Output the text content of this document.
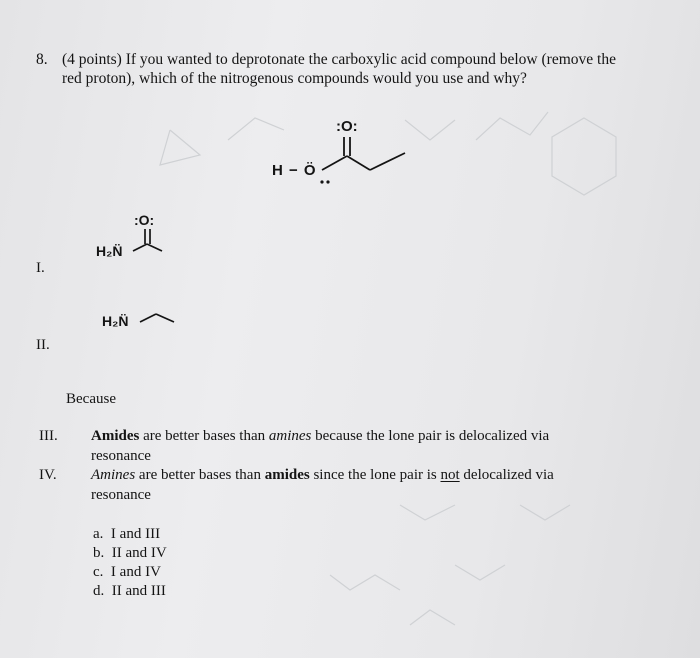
8. (4 points) If you wanted to deprotonate the carboxylic acid compound below (remove the
red proton), which of the nitrogenous compounds would you use and why?
:O:
H − Ö
I.
:O:
H₂N̈
II.
H₂N̈
Because
III. Amides are better bases than amines because the lone pair is delocalized via
resonance
IV. Amines are better bases than amides since the lone pair is not delocalized via
resonance
a. I and III
b. II and IV
c. I and IV
d. II and III
